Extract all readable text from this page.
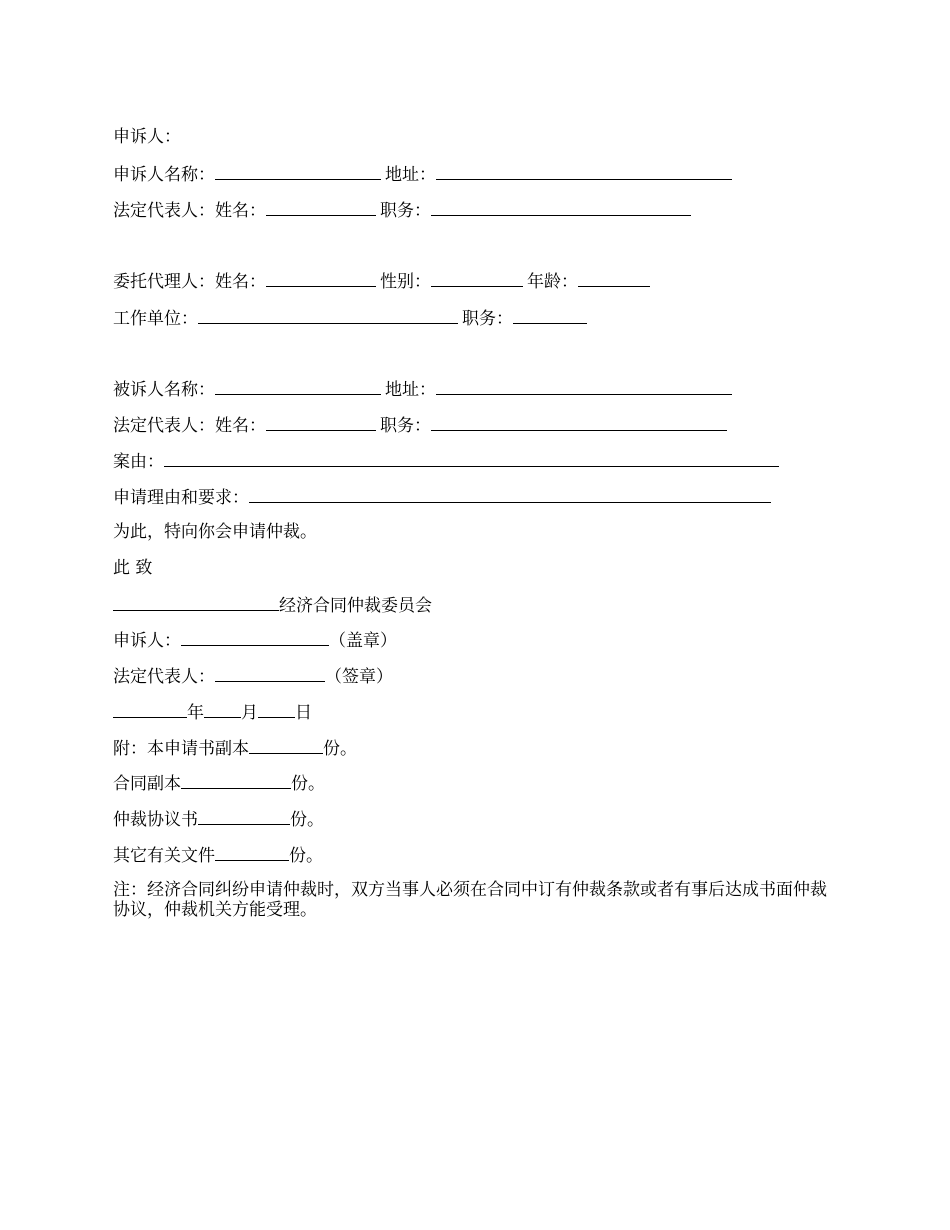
申诉人：
申诉人名称：	地址：
法定代表人：姓名：	职务：
委托代理人：姓名：	性别：	年龄：
工作单位：	职务：
被诉人名称：	地址：
法定代表人：姓名：	职务：
案由：
申请理由和要求：
为此，特向你会申请仲裁。
此 致
经济合同仲裁委员会
申诉人：	（盖章）
法定代表人：	（签章）
年 月 日
附：本申请书副本	份。
合同副本	份。
仲裁协议书	份。
其它有关文件	份。
注：经济合同纠纷申请仲裁时，双方当事人必须在合同中订有仲裁条款或者有事后达成书面仲裁协议，仲裁机关方能受理。
